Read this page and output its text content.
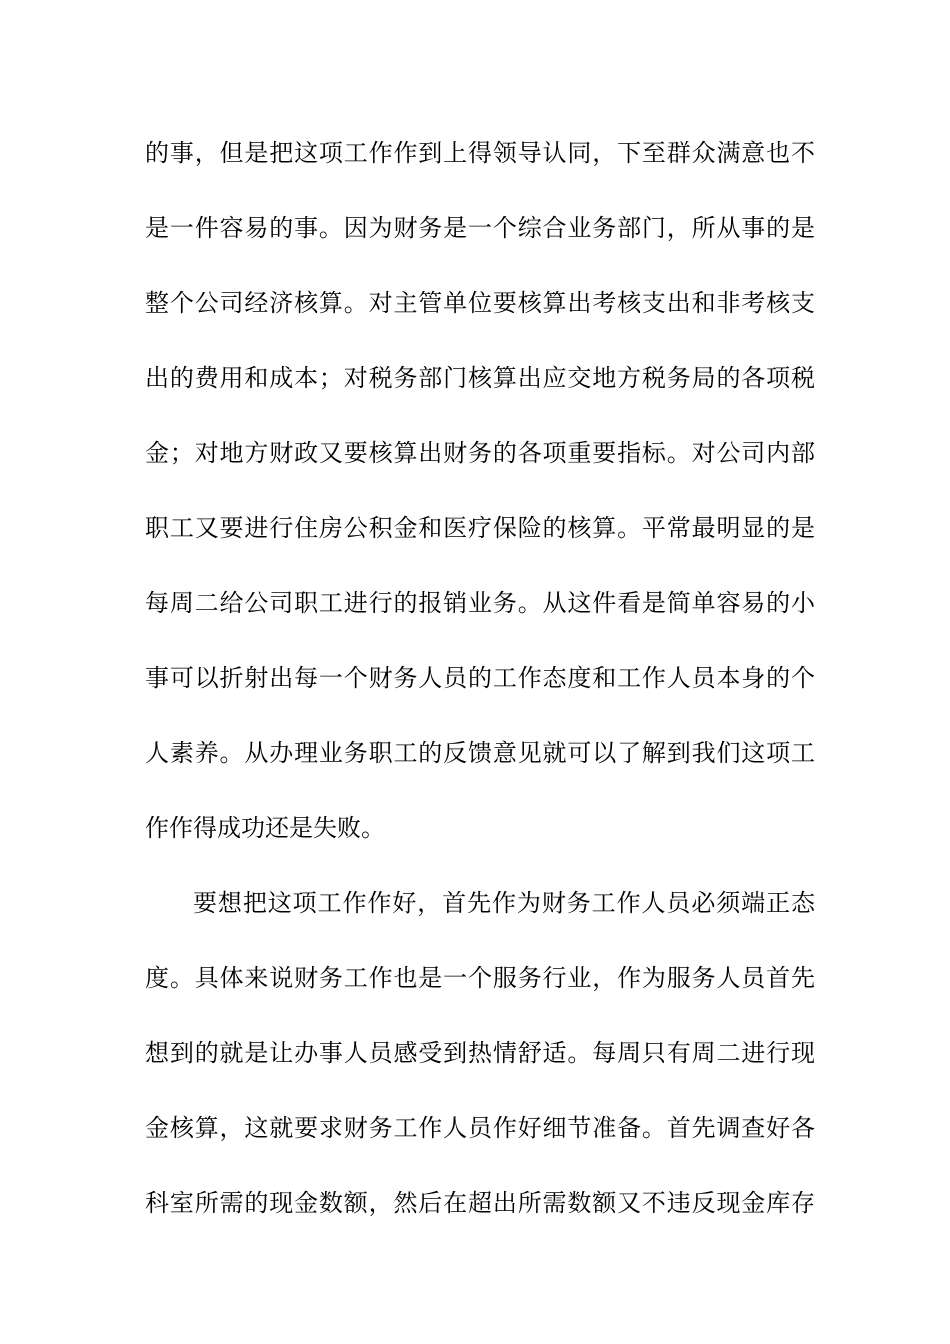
的事，但是把这项工作作到上得领导认同，下至群众满意也不
是一件容易的事。因为财务是一个综合业务部门，所从事的是
整个公司经济核算。对主管单位要核算出考核支出和非考核支
出的费用和成本；对税务部门核算出应交地方税务局的各项税
金；对地方财政又要核算出财务的各项重要指标。对公司内部
职工又要进行住房公积金和医疗保险的核算。平常最明显的是
每周二给公司职工进行的报销业务。从这件看是简单容易的小
事可以折射出每一个财务人员的工作态度和工作人员本身的个
人素养。从办理业务职工的反馈意见就可以了解到我们这项工
作作得成功还是失败。
要想把这项工作作好，首先作为财务工作人员必须端正态
度。具体来说财务工作也是一个服务行业，作为服务人员首先
想到的就是让办事人员感受到热情舒适。每周只有周二进行现
金核算，这就要求财务工作人员作好细节准备。首先调查好各
科室所需的现金数额，然后在超出所需数额又不违反现金库存
